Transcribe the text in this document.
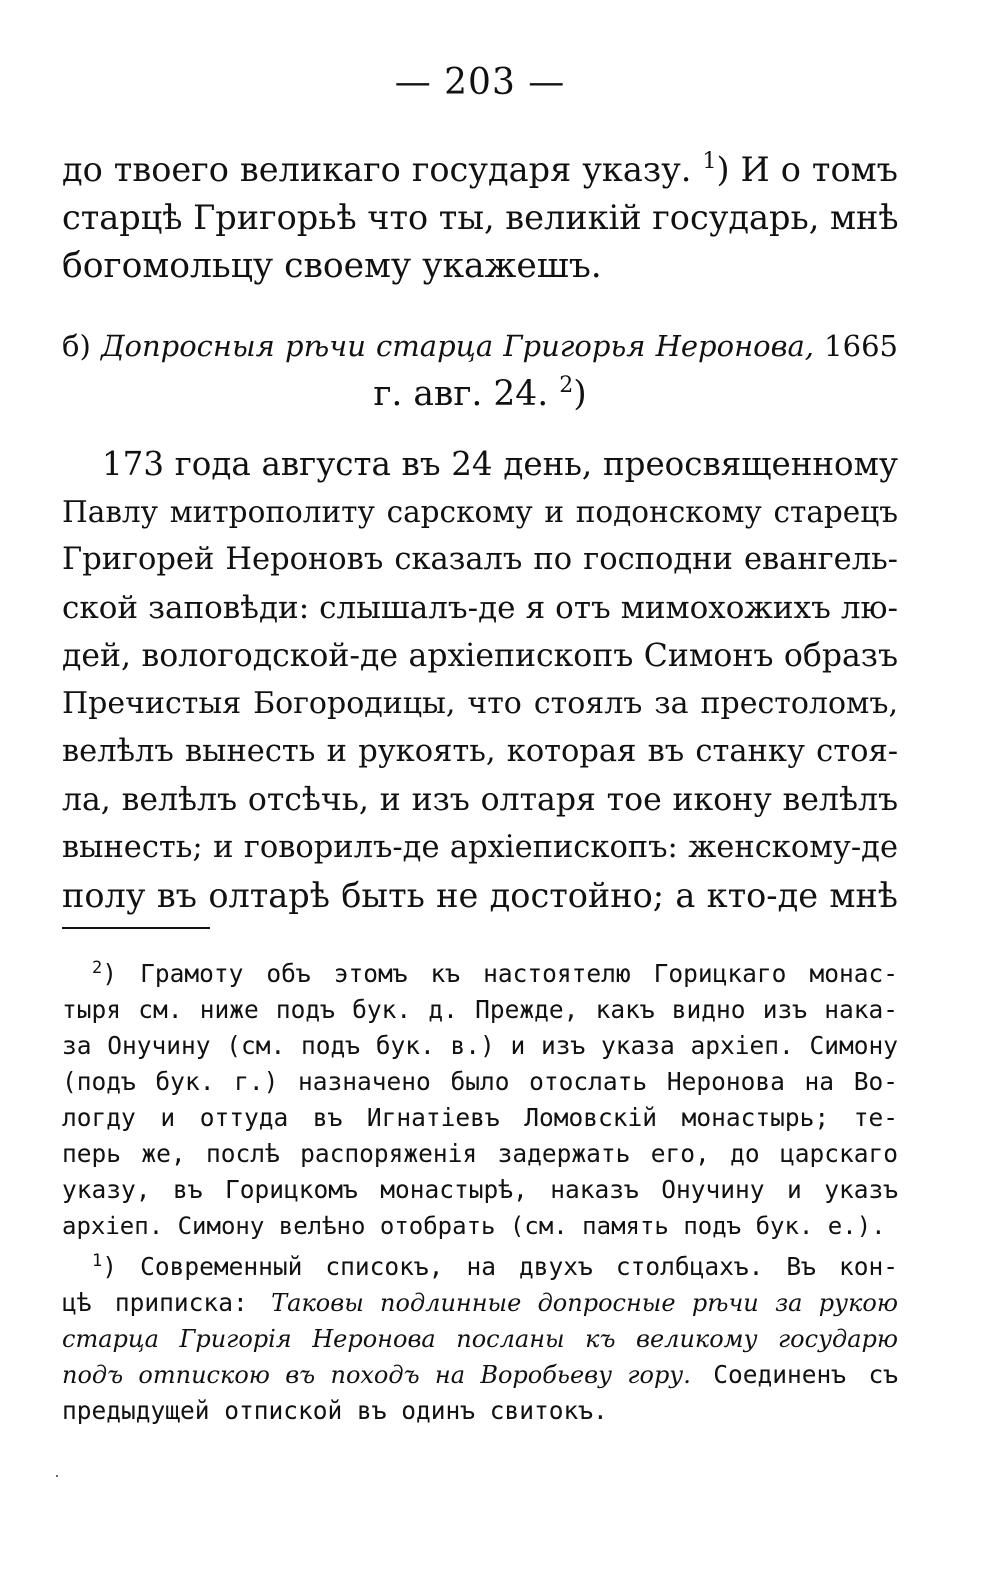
— 203 —
до твоего великаго государя указу. $^1$) И о томъ
старцѣ Григорьѣ что ты, великій государь, мнѣ
богомольцу своему укажешъ.
б) Допросныя рѣчи старца Григорья Неронова, 1665
г. авг. 24. $^2$)
173 года августа въ 24 день, преосвященному
Павлу митрополиту сарскому и подонскому старецъ
Григорей Нероновъ сказалъ по господни евангель-
ской заповѣди: слышалъ-де я отъ мимохожихъ лю-
дей, вологодской-де архіепископъ Симонъ образъ
Пречистыя Богородицы, что стоялъ за престоломъ,
велѣлъ вынесть и рукоять, которая въ станку стоя-
ла, велѣлъ отсѣчь, и изъ олтаря тое икону велѣлъ
вынесть; и говорилъ-де архіепископъ: женскому-де
полу въ олтарѣ быть не достойно; а кто-де мнѣ
$^2$) Грамоту объ этомъ къ настоятелю Горицкаго монас-
тыря см. ниже подъ бук. д. Прежде, какъ видно изъ нака-
за Онучину (см. подъ бук. в.) и изъ указа архіеп. Симону
(подъ бук. г.) назначено было отослать Неронова на Во-
логду и оттуда въ Игнатіевъ Ломовскій монастырь; те-
перь же, послѣ распоряженія задержать его, до царскаго
указу, въ Горицкомъ монастырѣ, наказъ Онучину и указъ
архіеп. Симону велѣно отобрать (см. память подъ бук. е.).
$^1$) Современный списокъ, на двухъ столбцахъ. Въ кон-
цѣ приписка: Таковы подлинные допросные рѣчи за рукою
старца Григорія Неронова посланы къ великому государю
подъ отпискою въ походъ на Воробьеву гору. Соединенъ съ
предыдущей отпиской въ одинъ свитокъ.
